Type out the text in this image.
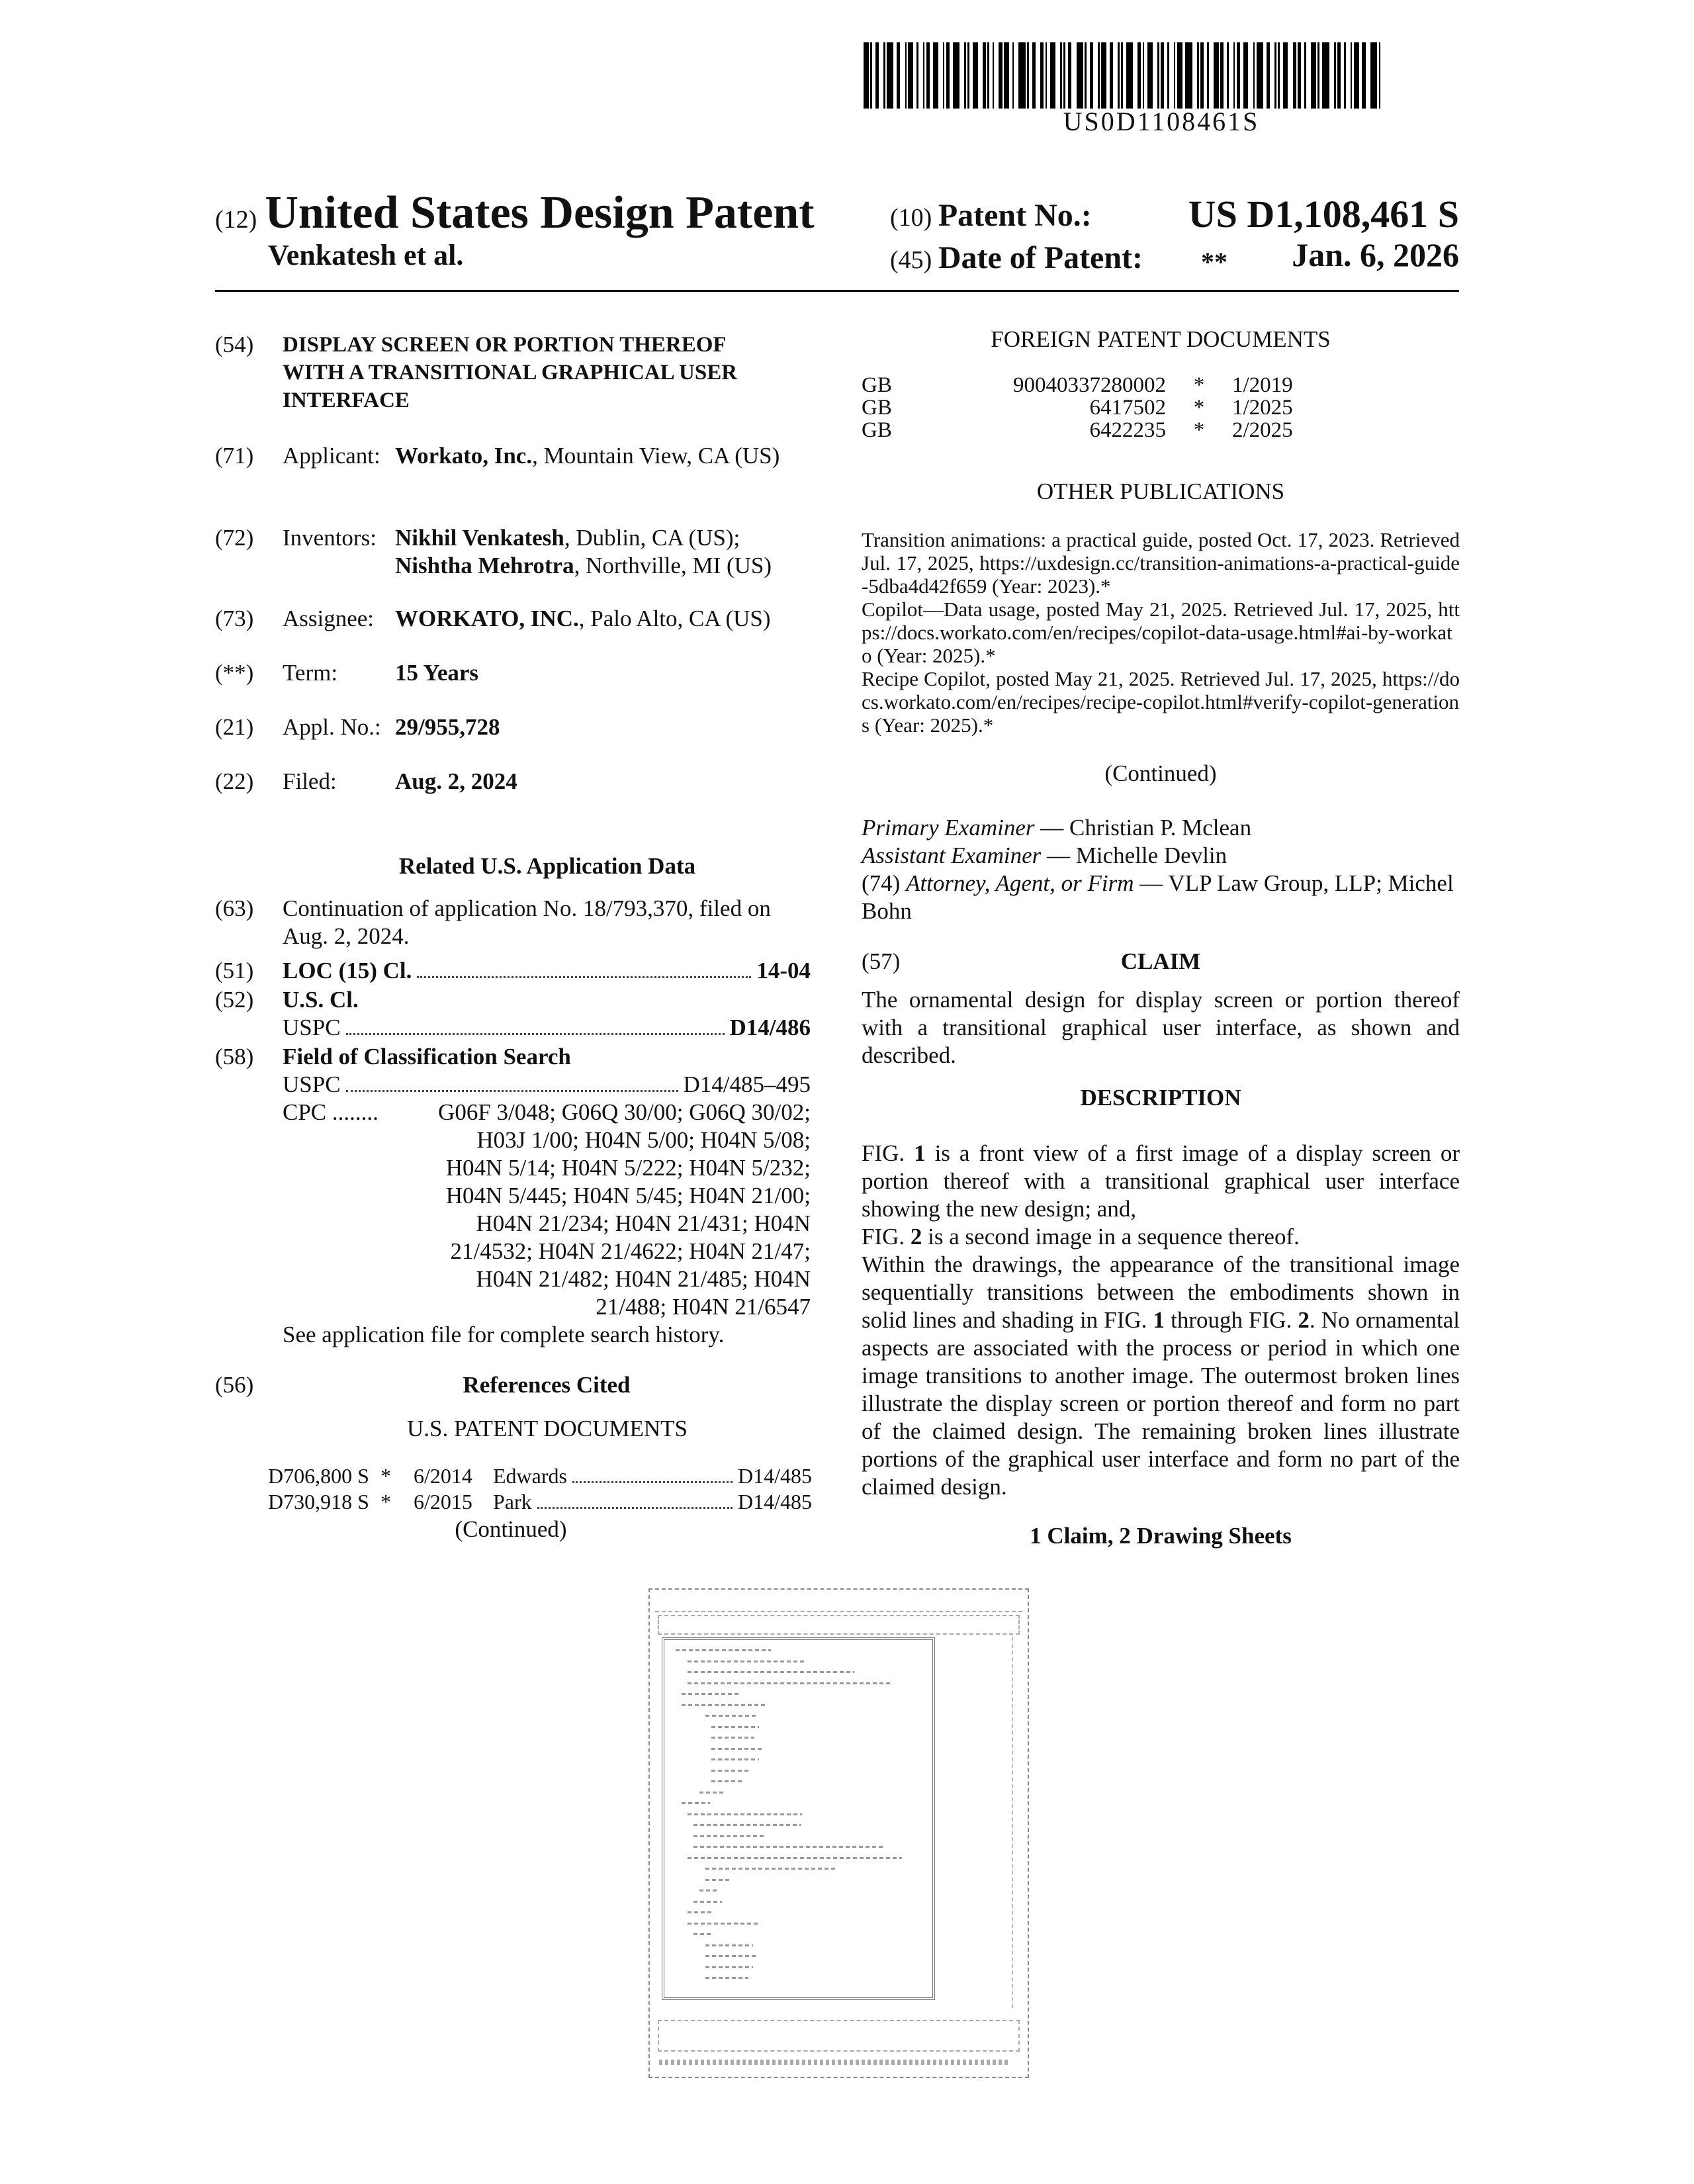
US0D1108461S
(12) United States Design Patent
Venkatesh et al.
(10) Patent No.:	US D1,108,461 S
(45) Date of Patent: **	Jan. 6, 2026
(54) DISPLAY SCREEN OR PORTION THEREOF WITH A TRANSITIONAL GRAPHICAL USER INTERFACE
(71) Applicant: Workato, Inc., Mountain View, CA (US)
(72) Inventors: Nikhil Venkatesh, Dublin, CA (US);
Nishtha Mehrotra, Northville, MI (US)
(73) Assignee: WORKATO, INC., Palo Alto, CA (US)
(**) Term: 15 Years
(21) Appl. No.: 29/955,728
(22) Filed:	Aug. 2, 2024
Related U.S. Application Data
(63) Continuation of application No. 18/793,370, filed on Aug. 2, 2024.
(51) LOC (15) Cl.	14-04
(52) U.S. Cl.
USPC	D14/486
(58) Field of Classification Search
USPC	D14/485–495
CPC ........	G06F 3/048; G06Q 30/00; G06Q 30/02;
H03J 1/00; H04N 5/00; H04N 5/08;
H04N 5/14; H04N 5/222; H04N 5/232;
H04N 5/445; H04N 5/45; H04N 21/00;
H04N 21/234; H04N 21/431; H04N
21/4532; H04N 21/4622; H04N 21/47;
H04N 21/482; H04N 21/485; H04N
21/488; H04N 21/6547
See application file for complete search history.
(56)	References Cited
U.S. PATENT DOCUMENTS
D706,800 S *	6/2014 Edwards	D14/485
D730,918 S *	6/2015 Park	D14/485
(Continued)
FOREIGN PATENT DOCUMENTS
GB	90040337280002	*	1/2019
GB	6417502	*	1/2025
GB	6422235	*	2/2025
OTHER PUBLICATIONS
Transition animations: a practical guide, posted Oct. 17, 2023. Retrieved Jul. 17, 2025, https://uxdesign.cc/transition-animations-a-practical-guide-5dba4d42f659 (Year: 2023).*
Copilot—Data usage, posted May 21, 2025. Retrieved Jul. 17, 2025, https://docs.workato.com/en/recipes/copilot-data-usage.html#ai-by-workato (Year: 2025).*
Recipe Copilot, posted May 21, 2025. Retrieved Jul. 17, 2025, https://docs.workato.com/en/recipes/recipe-copilot.html#verify-copilot-generations (Year: 2025).*
(Continued)
Primary Examiner — Christian P. Mclean
Assistant Examiner — Michelle Devlin
(74) Attorney, Agent, or Firm — VLP Law Group, LLP; Michel Bohn
(57)	CLAIM
The ornamental design for display screen or portion thereof with a transitional graphical user interface, as shown and described.
DESCRIPTION
FIG. 1 is a front view of a first image of a display screen or portion thereof with a transitional graphical user interface showing the new design; and,
FIG. 2 is a second image in a sequence thereof.
Within the drawings, the appearance of the transitional image sequentially transitions between the embodiments shown in solid lines and shading in FIG. 1 through FIG. 2. No ornamental aspects are associated with the process or period in which one image transitions to another image. The outermost broken lines illustrate the display screen or portion thereof and form no part of the claimed design. The remaining broken lines illustrate portions of the graphical user interface and form no part of the claimed design.
1 Claim, 2 Drawing Sheets
